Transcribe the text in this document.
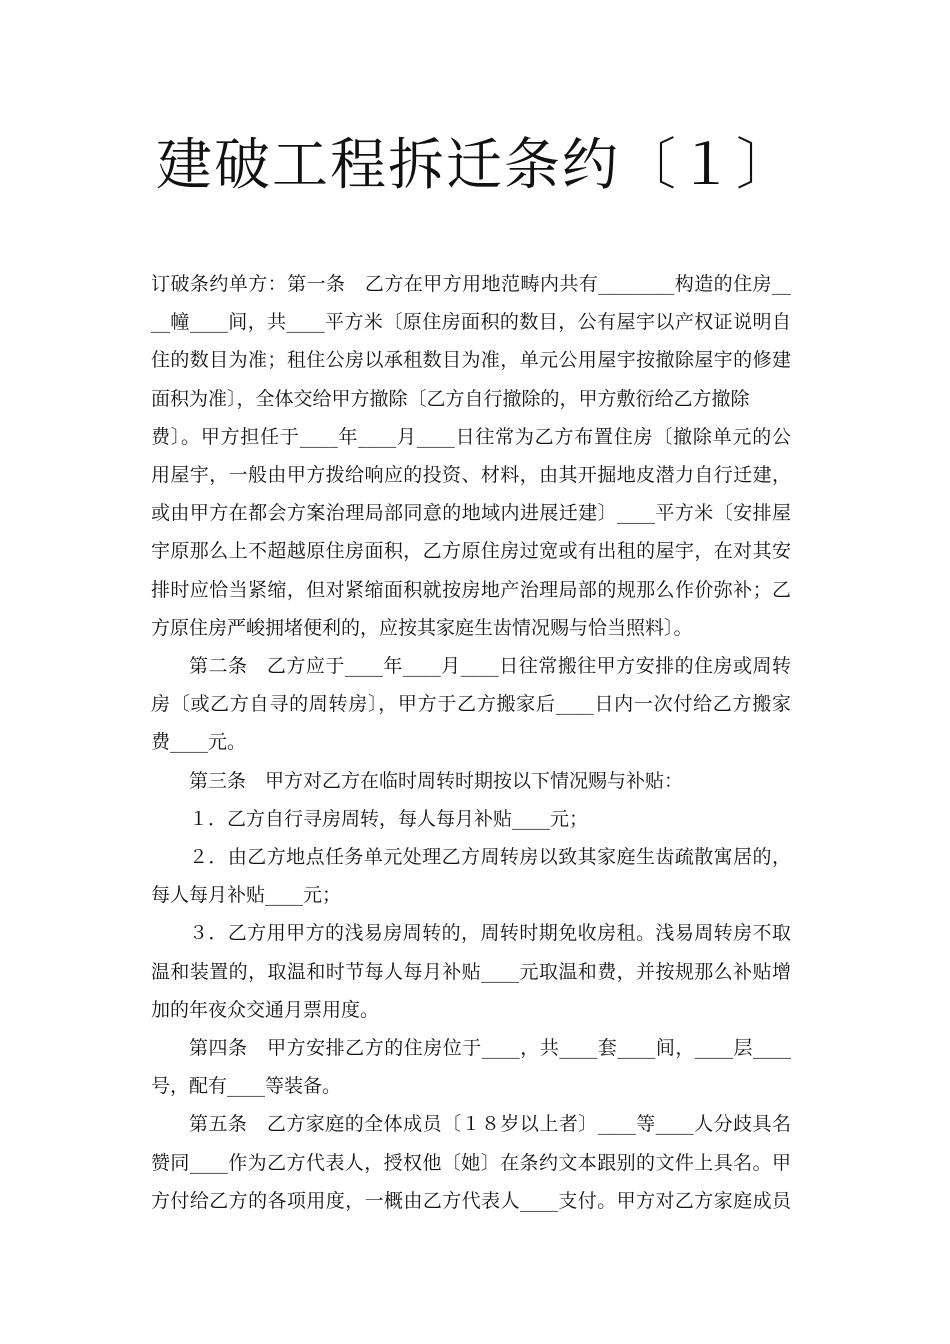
建破工程拆迁条约〔１〕
订破条约单方：第一条　乙方在甲方用地范畴内共有________构造的住房__
__幢____间，共____平方米〔原住房面积的数目，公有屋宇以产权证说明自
住的数目为准；租住公房以承租数目为准，单元公用屋宇按撤除屋宇的修建
面积为准〕，全体交给甲方撤除〔乙方自行撤除的，甲方敷衍给乙方撤除
费〕。甲方担任于____年____月____日往常为乙方布置住房〔撤除单元的公
用屋宇，一般由甲方拨给响应的投资、材料，由其开掘地皮潜力自行迁建，
或由甲方在都会方案治理局部同意的地域内进展迁建〕____平方米〔安排屋
宇原那么上不超越原住房面积，乙方原住房过宽或有出租的屋宇，在对其安
排时应恰当紧缩，但对紧缩面积就按房地产治理局部的规那么作价弥补；乙
方原住房严峻拥堵便利的，应按其家庭生齿情况赐与恰当照料〕。
第二条　乙方应于____年____月____日往常搬往甲方安排的住房或周转
房〔或乙方自寻的周转房〕，甲方于乙方搬家后____日内一次付给乙方搬家
费____元。
第三条　甲方对乙方在临时周转时期按以下情况赐与补贴：
１．乙方自行寻房周转，每人每月补贴____元；
２．由乙方地点任务单元处理乙方周转房以致其家庭生齿疏散寓居的，
每人每月补贴____元；
３．乙方用甲方的浅易房周转的，周转时期免收房租。浅易周转房不取
温和装置的，取温和时节每人每月补贴____元取温和费，并按规那么补贴增
加的年夜众交通月票用度。
第四条　甲方安排乙方的住房位于____，共____套____间，____层____
号，配有____等装备。
第五条　乙方家庭的全体成员〔１８岁以上者〕____等____人分歧具名
赞同____作为乙方代表人，授权他〔她〕在条约文本跟别的文件上具名。甲
方付给乙方的各项用度，一概由乙方代表人____支付。甲方对乙方家庭成员
